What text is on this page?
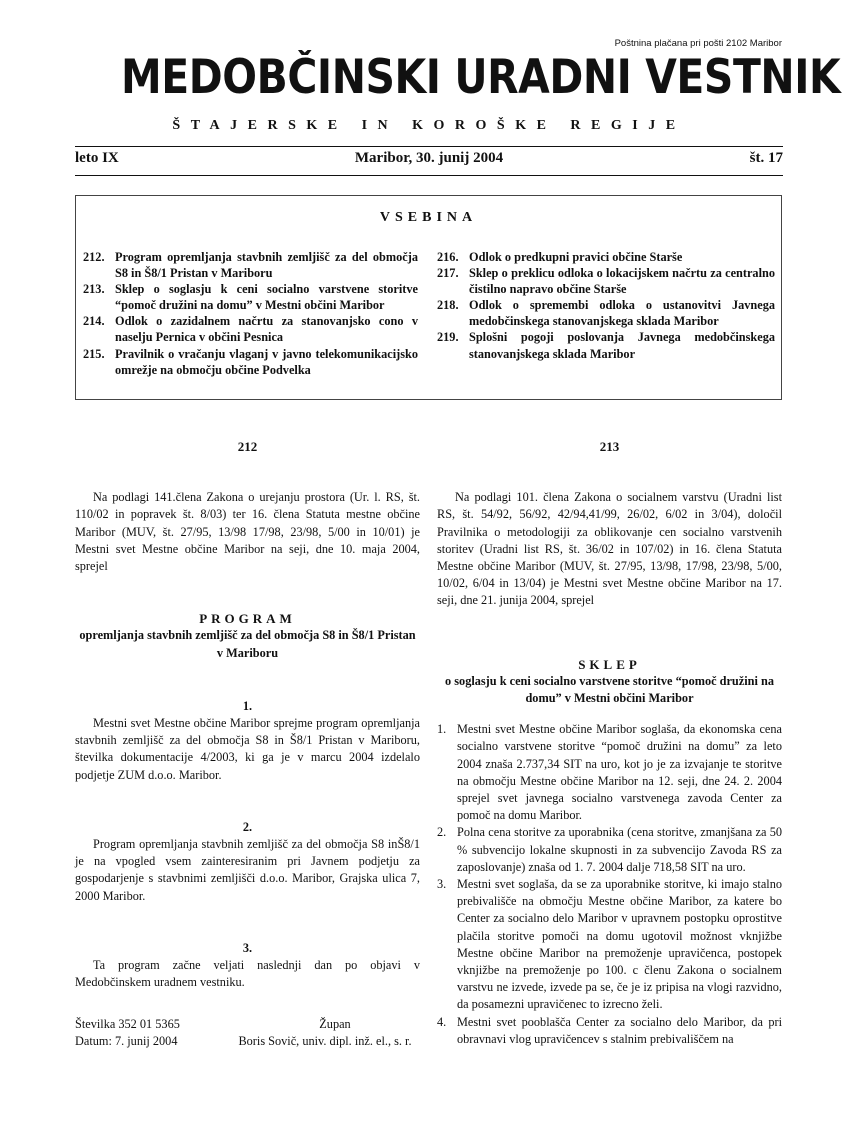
Poštnina plačana pri pošti 2102 Maribor
MEDOBČINSKI URADNI VESTNIK
ŠTAJERSKE IN KOROŠKE REGIJE
leto IX	Maribor, 30. junij 2004	št. 17
VSEBINA
212. Program opremljanja stavbnih zemljišč za del območja S8 in Š8/1 Pristan v Mariboru
213. Sklep o soglasju k ceni socialno varstvene storitve “pomoč družini na domu” v Mestni občini Maribor
214. Odlok o zazidalnem načrtu za stanovanjsko cono v naselju Pernica v občini Pesnica
215. Pravilnik o vračanju vlaganj v javno telekomunikacijsko omrežje na območju občine Podvelka
216. Odlok o predkupni pravici občine Starše
217. Sklep o preklicu odloka o lokacijskem načrtu za centralno čistilno napravo občine Starše
218. Odlok o spremembi odloka o ustanovitvi Javnega medobčinskega stanovanjskega sklada Maribor
219. Splošni pogoji poslovanja Javnega medobčinskega stanovanjskega sklada Maribor

212

Na podlagi 141.člena Zakona o urejanju prostora (Ur. l. RS, št. 110/02 in popravek št. 8/03) ter 16. člena Statuta mestne občine Maribor (MUV, št. 27/95, 13/98 17/98, 23/98, 5/00 in 10/01) je Mestni svet Mestne občine Maribor na seji, dne 10. maja 2004, sprejel

PROGRAM

opremljanja stavbnih zemljišč za del območja S8 in Š8/1 Pristan v Mariboru

1.

Mestni svet Mestne občine Maribor sprejme program opremljanja stavbnih zemljišč za del območja S8 in Š8/1 Pristan v Mariboru, številka dokumentacije 4/2003, ki ga je v marcu 2004 izdelalo podjetje ZUM d.o.o. Maribor.

2.

Program opremljanja stavbnih zemljišč za del območja S8 inŠ8/1 je na vpogled vsem zainteresiranim pri Javnem podjetju za gospodarjenje s stavbnimi zemljišči d.o.o. Maribor, Grajska ulica 7, 2000 Maribor.

3.

Ta program začne veljati naslednji dan po objavi v Medobčinskem uradnem vestniku.

Številka 352 01 5365
Datum: 7. junij 2004
Župan
Boris Sovič, univ. dipl. inž. el., s. r.

213

Na podlagi 101. člena Zakona o socialnem varstvu (Uradni list RS, št. 54/92, 56/92, 42/94,41/99, 26/02, 6/02 in 3/04), določil Pravilnika o metodologiji za oblikovanje cen socialno varstvenih storitev (Uradni list RS, št. 36/02 in 107/02) in 16. člena Statuta Mestne občine Maribor (MUV, št. 27/95, 13/98, 17/98, 23/98, 5/00, 10/02, 6/04 in 13/04) je Mestni svet Mestne občine Maribor na 17. seji, dne 21. junija 2004, sprejel

SKLEP

o soglasju k ceni socialno varstvene storitve “pomoč družini na domu” v Mestni občini Maribor

1. Mestni svet Mestne občine Maribor soglaša, da ekonomska cena socialno varstvene storitve “pomoč družini na domu” za leto 2004 znaša 2.737,34 SIT na uro, kot jo je za izvajanje te storitve na območju Mestne občine Maribor na 12. seji, dne 24. 2. 2004 sprejel svet javnega socialno varstvenega zavoda Center za pomoč na domu Maribor.
2. Polna cena storitve za uporabnika (cena storitve, zmanjšana za 50 % subvencijo lokalne skupnosti in za subvencijo Zavoda RS za zaposlovanje) znaša od 1. 7. 2004 dalje 718,58 SIT na uro.
3. Mestni svet soglaša, da se za uporabnike storitve, ki imajo stalno prebivališče na območju Mestne občine Maribor, za katere bo Center za socialno delo Maribor v upravnem postopku oprostitve plačila storitve pomoči na domu ugotovil možnost vknjižbe Mestne občine Maribor na premoženje upravičenca, postopek vknjižbe na premoženje po 100. c členu Zakona o socialnem varstvu ne izvede, izvede pa se, če je iz pripisa na vlogi razvidno, da posamezni upravičenec to izrecno želi.
4. Mestni svet pooblašča Center za socialno delo Maribor, da pri obravnavi vlog upravičencev s stalnim prebivališčem na
